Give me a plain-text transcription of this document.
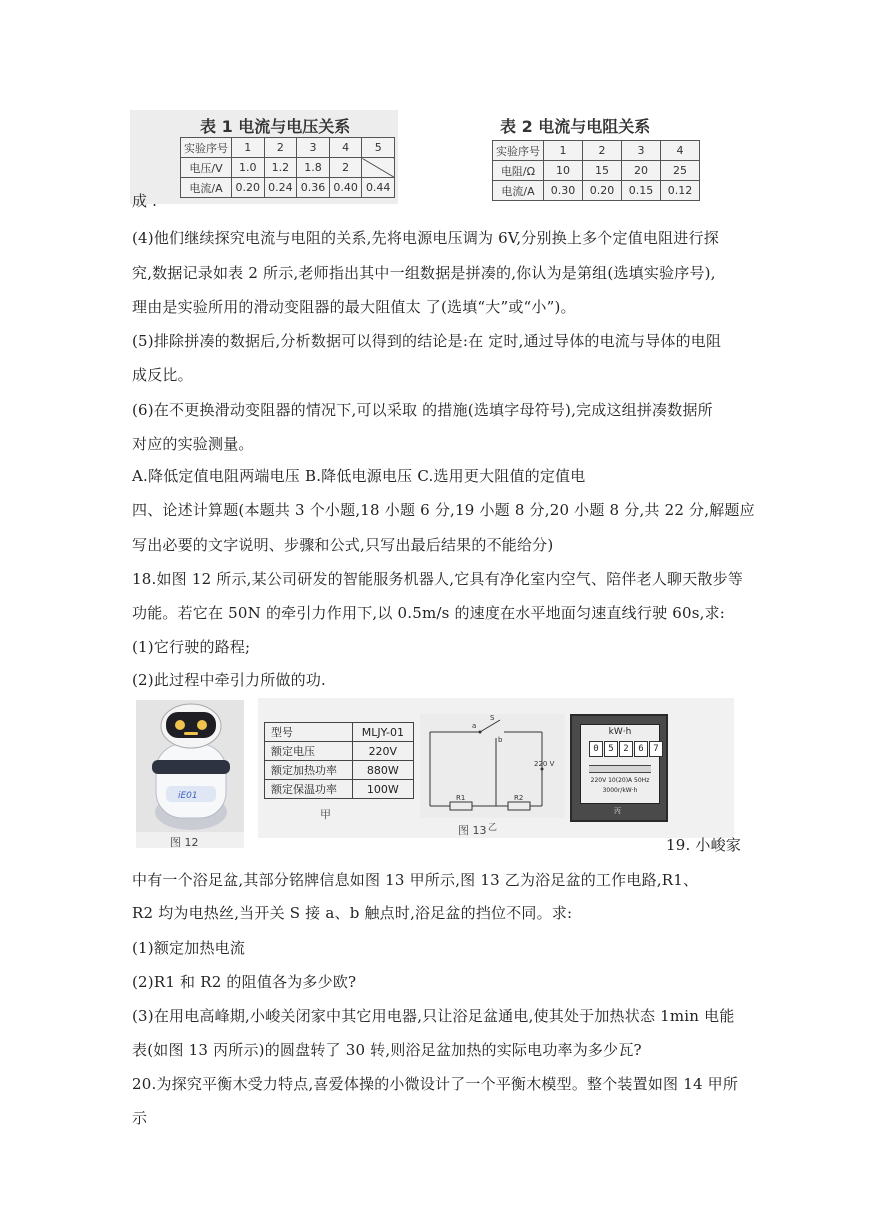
表 1 电流与电压关系
实验序号	1	2	3	4	5
电压/V	1.0	1.2	1.8	2	
电流/A	0.20	0.24	0.36	0.40	0.44
表 2 电流与电阻关系
实验序号	1	2	3	4
电阻/Ω	10	15	20	25
电流/A	0.30	0.20	0.15	0.12
成 .
(4)他们继续探究电流与电阻的关系,先将电源电压调为 6V,分别换上多个定值电阻进行探
究,数据记录如表 2 所示,老师指出其中一组数据是拼凑的,你认为是第组(选填实验序号),
理由是实验所用的滑动变阻器的最大阻值太 了(选填“大”或“小”)。
(5)排除拼凑的数据后,分析数据可以得到的结论是:在 定时,通过导体的电流与导体的电阻
成反比。
(6)在不更换滑动变阻器的情况下,可以采取 的措施(选填字母符号),完成这组拼凑数据所
对应的实验测量。
A.降低定值电阻两端电压 B.降低电源电压 C.选用更大阻值的定值电
四、论述计算题(本题共 3 个小题,18 小题 6 分,19 小题 8 分,20 小题 8 分,共 22 分,解题应
写出必要的文字说明、步骤和公式,只写出最后结果的不能给分)
18.如图 12 所示,某公司研发的智能服务机器人,它具有净化室内空气、陪伴老人聊天散步等
功能。若它在 50N 的牵引力作用下,以 0.5m/s 的速度在水平地面匀速直线行驶 60s,求:
(1)它行驶的路程;
(2)此过程中牵引力所做的功.
iE01
图 12
型号	MLJY-01
额定电压	220V
额定加热功率	880W
额定保温功率	100W
甲
a
b
S
220 V
R1	R2
乙
图 13
kW·h
0	5	2	6	7
220V 10(20)A 50Hz
3000r/kW·h
丙
19. 小峻家
中有一个浴足盆,其部分铭牌信息如图 13 甲所示,图 13 乙为浴足盆的工作电路,R1、
R2 均为电热丝,当开关 S 接 a、b 触点时,浴足盆的挡位不同。求:
(1)额定加热电流
(2)R1 和 R2 的阻值各为多少欧?
(3)在用电高峰期,小峻关闭家中其它用电器,只让浴足盆通电,使其处于加热状态 1min 电能
表(如图 13 丙所示)的圆盘转了 30 转,则浴足盆加热的实际电功率为多少瓦?
20.为探究平衡木受力特点,喜爱体操的小微设计了一个平衡木模型。整个装置如图 14 甲所
示
